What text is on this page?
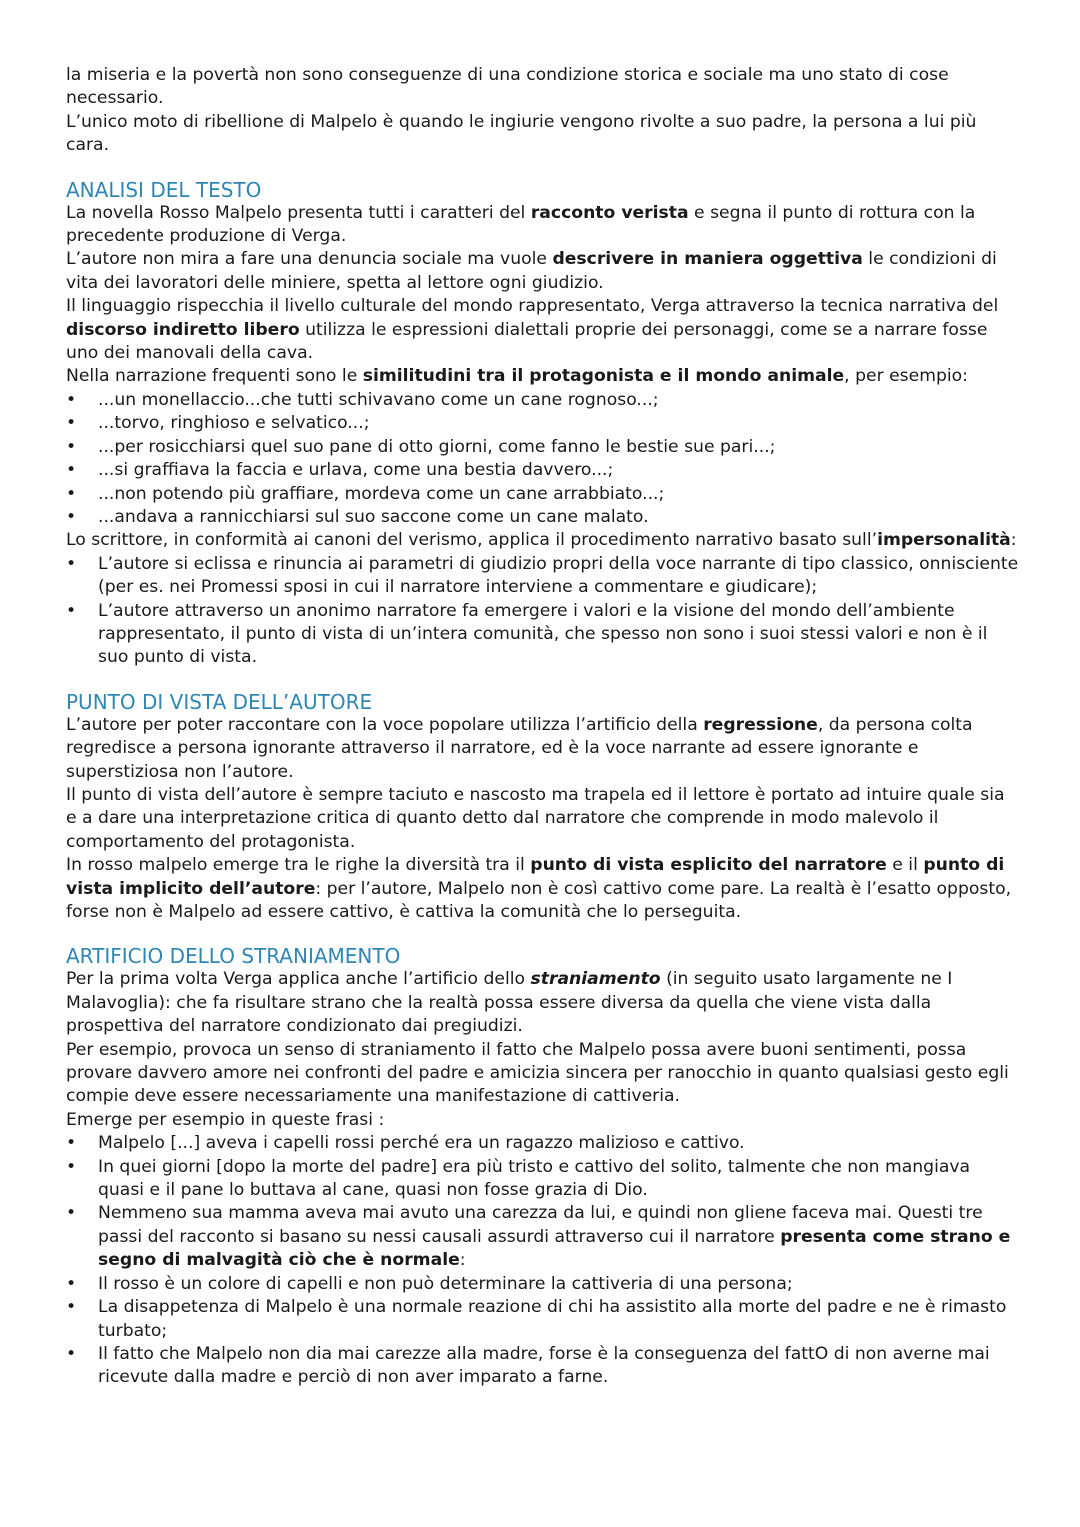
la miseria e la povertà non sono conseguenze di una condizione storica e sociale ma uno stato di cose necessario.

L’unico moto di ribellione di Malpelo è quando le ingiurie vengono rivolte a suo padre, la persona a lui più cara.

ANALISI DEL TESTO

La novella Rosso Malpelo presenta tutti i caratteri del racconto verista e segna il punto di rottura con la precedente produzione di Verga.

L’autore non mira a fare una denuncia sociale ma vuole descrivere in maniera oggettiva le condizioni di vita dei lavoratori delle miniere, spetta al lettore ogni giudizio.

Il linguaggio rispecchia il livello culturale del mondo rappresentato, Verga attraverso la tecnica narrativa del discorso indiretto libero utilizza le espressioni dialettali proprie dei personaggi, come se a narrare fosse uno dei manovali della cava.

Nella narrazione frequenti sono le similitudini tra il protagonista e il mondo animale, per esempio:

• ...un monellaccio...che tutti schivavano come un cane rognoso...;
• ...torvo, ringhioso e selvatico...;
• ...per rosicchiarsi quel suo pane di otto giorni, come fanno le bestie sue pari...;
• ...si graffiava la faccia e urlava, come una bestia davvero...;
• ...non potendo più graffiare, mordeva come un cane arrabbiato...;
• ...andava a rannicchiarsi sul suo saccone come un cane malato.

Lo scrittore, in conformità ai canoni del verismo, applica il procedimento narrativo basato sull’impersonalità:

• L’autore si eclissa e rinuncia ai parametri di giudizio propri della voce narrante di tipo classico, onnisciente (per es. nei Promessi sposi in cui il narratore interviene a commentare e giudicare);
• L’autore attraverso un anonimo narratore fa emergere i valori e la visione del mondo dell’ambiente rappresentato, il punto di vista di un’intera comunità, che spesso non sono i suoi stessi valori e non è il suo punto di vista.
PUNTO DI VISTA DELL’AUTORE

L’autore per poter raccontare con la voce popolare utilizza l’artificio della regressione, da persona colta regredisce a persona ignorante attraverso il narratore, ed è la voce narrante ad essere ignorante e superstiziosa non l’autore.

Il punto di vista dell’autore è sempre taciuto e nascosto ma trapela ed il lettore è portato ad intuire quale sia e a dare una interpretazione critica di quanto detto dal narratore che comprende in modo malevolo il comportamento del protagonista.

In rosso malpelo emerge tra le righe la diversità tra il punto di vista esplicito del narratore e il punto di vista implicito dell’autore: per l’autore, Malpelo non è così cattivo come pare. La realtà è l’esatto opposto, forse non è Malpelo ad essere cattivo, è cattiva la comunità che lo perseguita.

ARTIFICIO DELLO STRANIAMENTO

Per la prima volta Verga applica anche l’artificio dello straniamento (in seguito usato largamente ne I Malavoglia): che fa risultare strano che la realtà possa essere diversa da quella che viene vista dalla prospettiva del narratore condizionato dai pregiudizi.

Per esempio, provoca un senso di straniamento il fatto che Malpelo possa avere buoni sentimenti, possa provare davvero amore nei confronti del padre e amicizia sincera per ranocchio in quanto qualsiasi gesto egli compie deve essere necessariamente una manifestazione di cattiveria.

Emerge per esempio in queste frasi :

• Malpelo [...] aveva i capelli rossi perché era un ragazzo malizioso e cattivo.
• In quei giorni [dopo la morte del padre] era più tristo e cattivo del solito, talmente che non mangiava quasi e il pane lo buttava al cane, quasi non fosse grazia di Dio.
• Nemmeno sua mamma aveva mai avuto una carezza da lui, e quindi non gliene faceva mai. Questi tre passi del racconto si basano su nessi causali assurdi attraverso cui il narratore presenta come strano e segno di malvagità ciò che è normale:
• Il rosso è un colore di capelli e non può determinare la cattiveria di una persona;
• La disappetenza di Malpelo è una normale reazione di chi ha assistito alla morte del padre e ne è rimasto turbato;
• Il fatto che Malpelo non dia mai carezze alla madre, forse è la conseguenza del fattO di non averne mai ricevute dalla madre e perciò di non aver imparato a farne.
